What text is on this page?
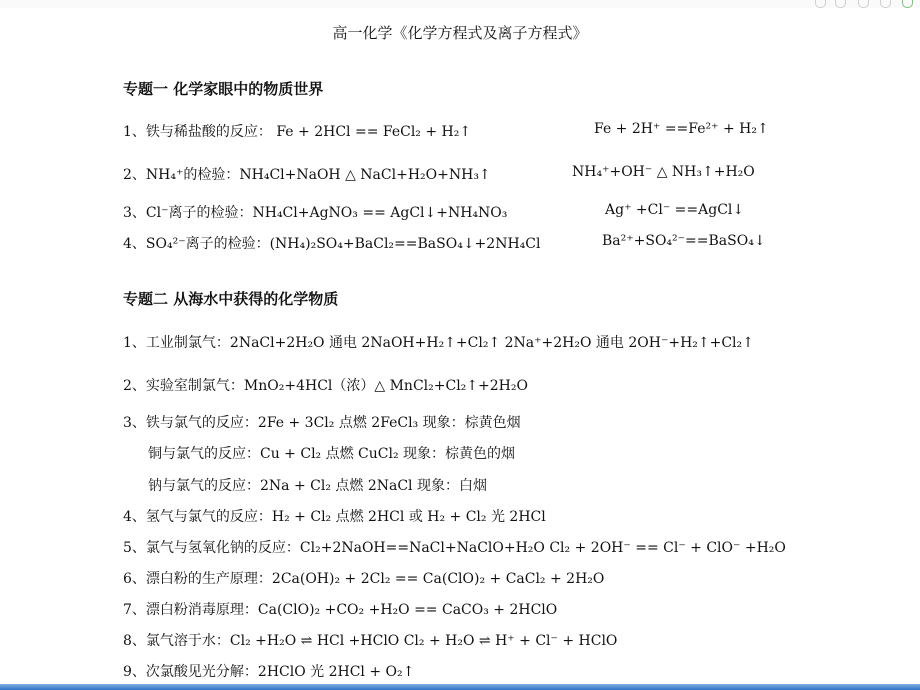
高一化学《化学方程式及离子方程式》
专题一 化学家眼中的物质世界
1、铁与稀盐酸的反应： Fe + 2HCl == FeCl₂ + H₂↑	Fe + 2H⁺ ==Fe²⁺ + H₂↑
2、NH₄⁺的检验：NH₄Cl+NaOH △ NaCl+H₂O+NH₃↑	NH₄⁺+OH⁻ △ NH₃↑+H₂O
3、Cl⁻离子的检验：NH₄Cl+AgNO₃ == AgCl↓+NH₄NO₃	Ag⁺ +Cl⁻ ==AgCl↓
4、SO₄²⁻离子的检验：(NH₄)₂SO₄+BaCl₂==BaSO₄↓+2NH₄Cl	Ba²⁺+SO₄²⁻==BaSO₄↓
专题二 从海水中获得的化学物质
1、工业制氯气：2NaCl+2H₂O 通电 2NaOH+H₂↑+Cl₂↑ 2Na⁺+2H₂O 通电 2OH⁻+H₂↑+Cl₂↑
2、实验室制氯气：MnO₂+4HCl（浓）△ MnCl₂+Cl₂↑+2H₂O
3、铁与氯气的反应：2Fe + 3Cl₂ 点燃 2FeCl₃ 现象：棕黄色烟
铜与氯气的反应：Cu + Cl₂ 点燃 CuCl₂ 现象：棕黄色的烟
钠与氯气的反应：2Na + Cl₂ 点燃 2NaCl 现象：白烟
4、氢气与氯气的反应：H₂ + Cl₂ 点燃 2HCl 或 H₂ + Cl₂ 光 2HCl
5、氯气与氢氧化钠的反应：Cl₂+2NaOH==NaCl+NaClO+H₂O Cl₂ + 2OH⁻ == Cl⁻ + ClO⁻ +H₂O
6、漂白粉的生产原理：2Ca(OH)₂ + 2Cl₂ == Ca(ClO)₂ + CaCl₂ + 2H₂O
7、漂白粉消毒原理：Ca(ClO)₂ +CO₂ +H₂O == CaCO₃ + 2HClO
8、氯气溶于水：Cl₂ +H₂O ⇌ HCl +HClO Cl₂ + H₂O ⇌ H⁺ + Cl⁻ + HClO
9、次氯酸见光分解：2HClO 光 2HCl + O₂↑
